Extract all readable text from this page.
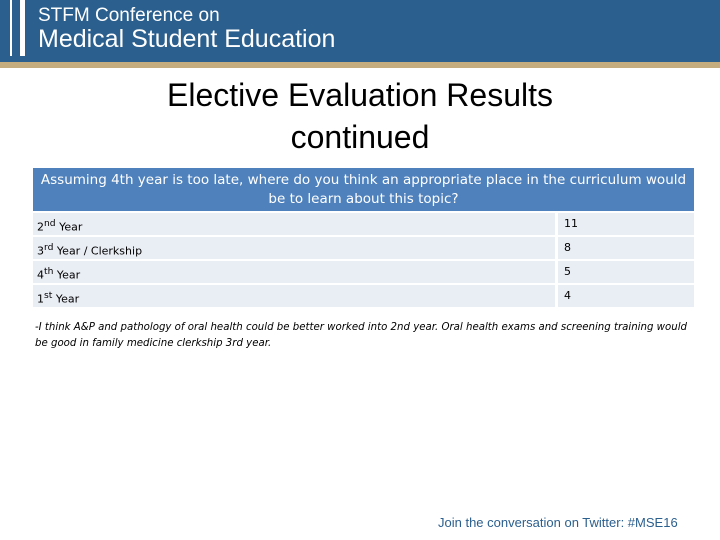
STFM Conference on
Medical Student Education
Elective Evaluation Results
continued
Assuming 4th year is too late, where do you think an appropriate place in the curriculum would be to learn about this topic?
2nd Year	11
3rd Year / Clerkship	8
4th Year	5
1st Year	4
-I think A&P and pathology of oral health could be better worked into 2nd year. Oral health exams and screening training would be good in family medicine clerkship 3rd year.
Join the conversation on Twitter: #MSE16
